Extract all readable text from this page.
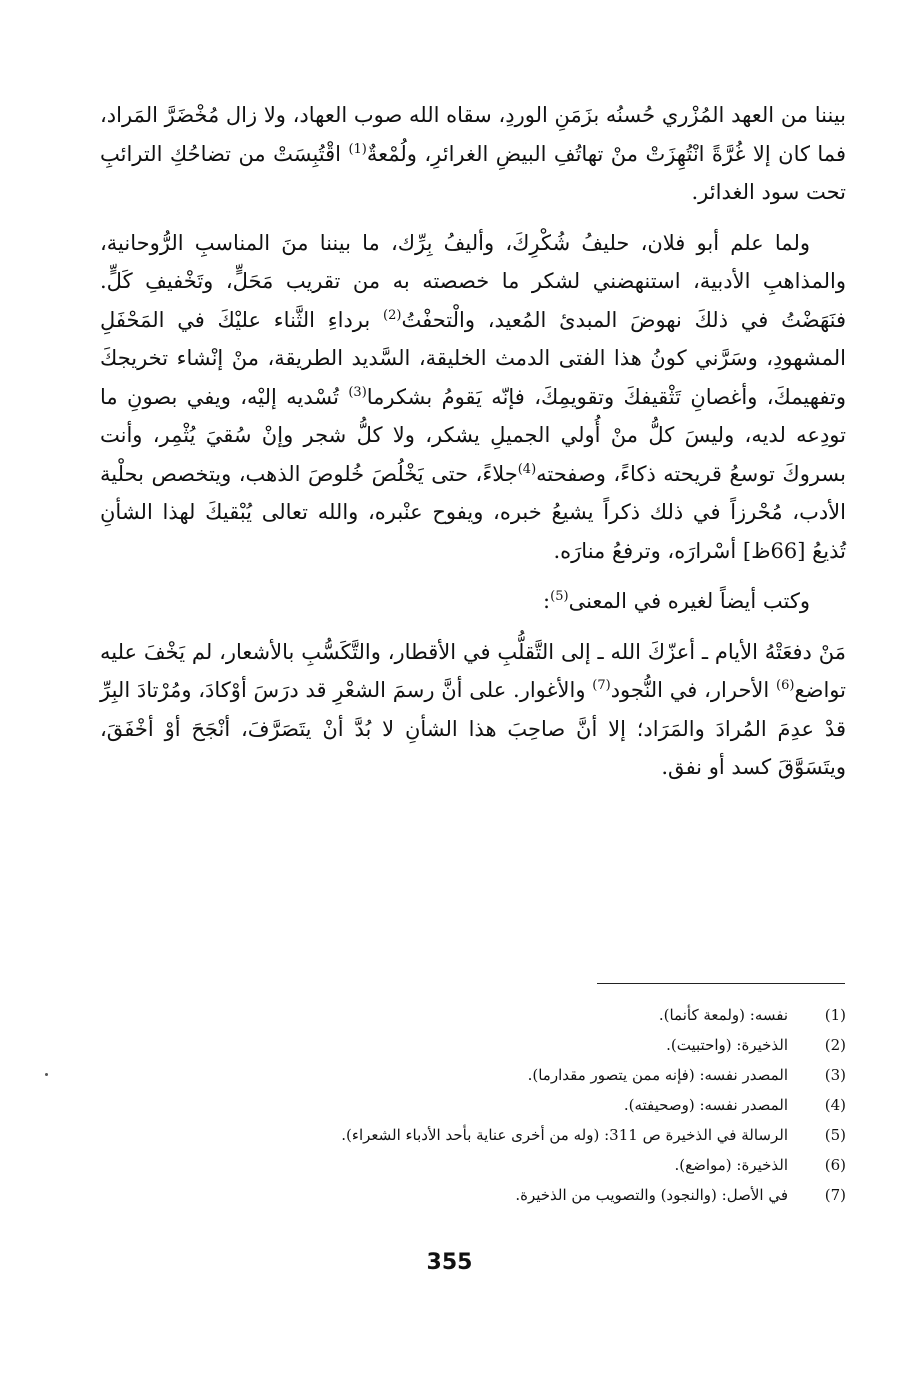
بيننا من العهد المُزْري حُسنُه بزَمَنِ الوردِ، سقاه الله صوب العهاد، ولا زال مُخْضَرَّ المَراد، فما كان إلا غُرَّةً انْتُهِزَتْ منْ تهاتُفِ البيضِ الغرائرِ، ولُمْعةٌ$^{(1)}$ اقْتُبِسَتْ من تضاحُكِ الترائبِ تحت سود الغدائر.

ولما علم أبو فلان، حليفُ شُكْرِكَ، وأليفُ بِرِّك، ما بيننا منَ المناسبِ الرُّوحانية، والمذاهبِ الأدبية، استنهضني لشكر ما خصصته به من تقريب مَحَلٍّ، وتَخْفيفِ كَلٍّ. فنَهَضْتُ في ذلكَ نهوضَ المبدئ المُعيد، والْتحفْتُ$^{(2)}$ برداءِ الثَّناء عليْكَ في المَحْفَلِ المشهودِ، وسَرَّني كونُ هذا الفتى الدمث الخليقة، السَّديد الطريقة، منْ إنْشاء تخريجكَ وتفهيمكَ، وأغصانِ تَثْقيفكَ وتقويمِكَ، فإنّه يَقومُ بشكرما$^{(3)}$ تُسْديه إليْه، ويفي بصونِ ما تودِعه لديه، وليسَ كلُّ منْ أُولي الجميلِ يشكر، ولا كلُّ شجر وإنْ سُقيَ يُثْمِر، وأنت بسروكَ توسعُ قريحته ذكاءً، وصفحته$^{(4)}$جلاءً، حتى يَخْلُصَ خُلوصَ الذهب، ويتخصص بحلْية الأدب، مُحْرزاً في ذلك ذكراً يشيعُ خبره، ويفوح عنْبره، والله تعالى يُبْقيكَ لهذا الشأنِ تُذيعُ [66ظ] أسْرارَه، وترفعُ منارَه.

وكتب أيضاً لغيره في المعنى$^{(5)}$:

مَنْ دفعَتْهُ الأيام ـ أعزّكَ الله ـ إلى التَّقلُّبِ في الأقطار، والتَّكَسُّبِ بالأشعار، لم يَخْفَ عليه تواضع$^{(6)}$ الأحرار، في النُّجود$^{(7)}$ والأغوار. على أنَّ رسمَ الشعْرِ قد درَسَ أوْكادَ، ومُرْتادَ البِرِّ قدْ عدِمَ المُرادَ والمَرَاد؛ إلا أنَّ صاحِبَ هذا الشأنِ لا بُدَّ أنْ يتَصَرَّفَ، أنْجَحَ أوْ أخْفَقَ، ويتَسَوَّقَ كسد أو نفق.

(1)
نفسه: (ولمعة كأنما).
(2)
الذخيرة: (واحتبيت).
(3)
المصدر نفسه: (فإنه ممن يتصور مقدارما).
(4)
المصدر نفسه: (وصحيفته).
(5)
الرسالة في الذخيرة ص 311: (وله من أخرى عناية بأحد الأدباء الشعراء).
(6)
الذخيرة: (مواضع).
(7)
في الأصل: (والنجود) والتصويب من الذخيرة.
355
